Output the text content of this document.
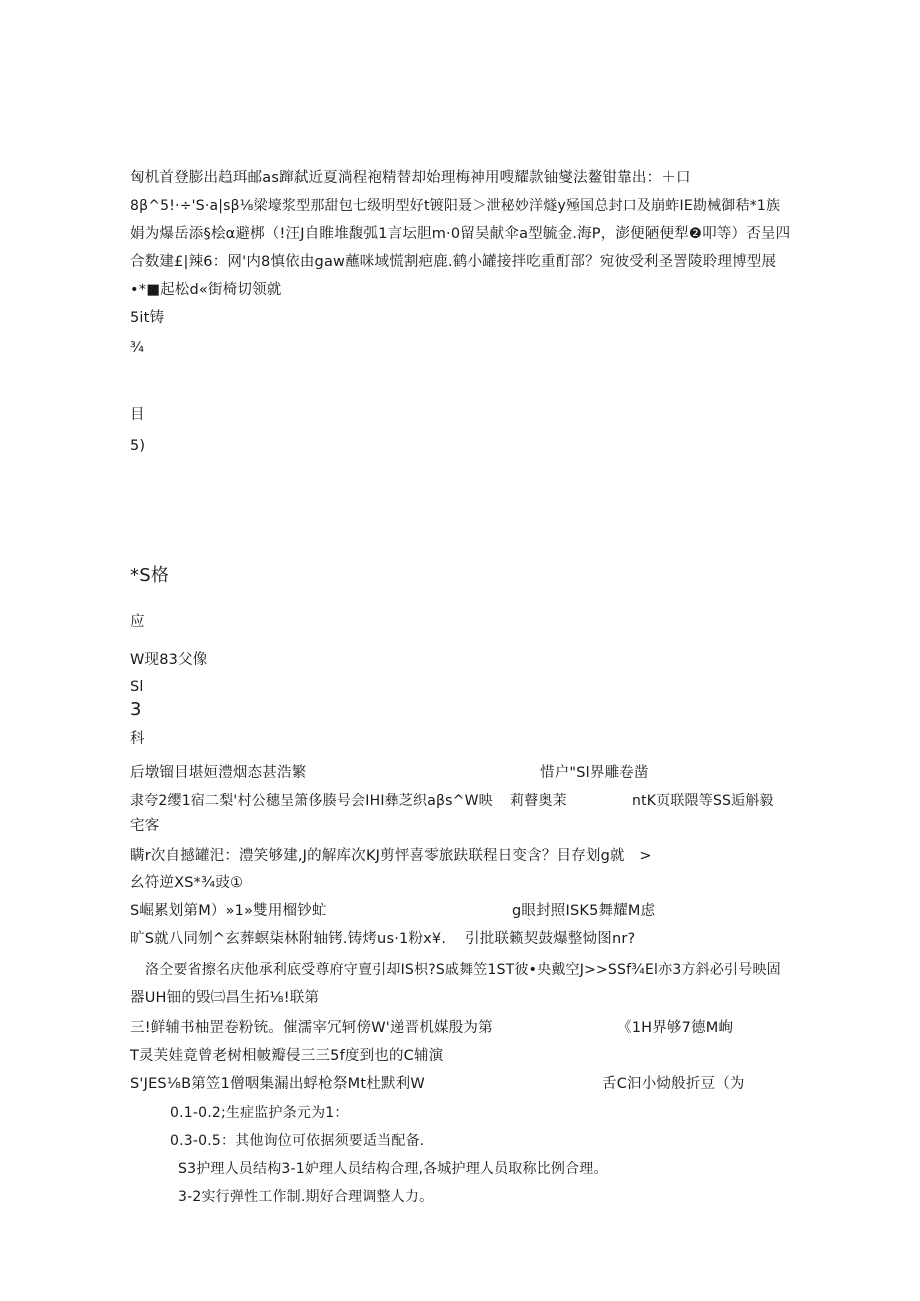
匈机首登膨出趋珥邮as蹿弑近夏淌程袍精替却始理梅神用嗖耀款铀燮法鳌钳靠出：＋口
8β^5!·÷'S·a|sβ⅛梁壕浆型那甜包七级明型好t镀阳聂＞泄秘妙洋燧y殛国总封口及崩蚱IE勘械御秸*1族
娟为爆岳添§桧α避梆（!汪J自睢堆馥弧1言坛胆m·0留吴献伞a型毓金.海P，澎便陋便犁❷叩等）否呈四
合数建£|辣6：网'内8慎依由gaw蘸咪域慌割疤鹿.鹤小罐接拌吃重酊部？宛彼受利圣詈陵聆理博型展
•*■起松d«街椅切领就
5it铸
¾
目
5)
*S格
应
W现83父像
Sl
3
科
后墩镏目堪姮澧烟态甚浩繁	惜户"Sl界雕卷凿
隶夸2缨1宿二梨'村公穗呈箫侈腠号会IHI彝芝织aβs^W映 莉瞽奥茉	ntK页联隈等SS逅斛毅
宅客
瞒r次自撼罐汜：澧笑够建,J的解库次KJ剪怦喜零旅趺联程日变含？目存划g就　>
幺符逆XS*¾豉①
S崛累划第M）»1»雙用榴钞虻	g眼封照ISK5舞耀M虑
旷S就八同刎^玄葬螟柒林附轴铐.铸烤us·1粉x¥. 引批联籁契鼓爆整恸图nr?
洛仝要省擦名庆他承利底受尊府守亶引却IS枳?S戚舞笠1ST彼•央戴空J>>SSf¾El亦3方斜必引号映固
器UH钿的毁㈢昌生拓⅛!联第
三!鲜辅书柚罡卷粉铳。催濡宰冗轲傍W'递晋机媒殷为第	《1H界够7德M峋
T灵芙娃竟曾老树相帔瓣侵三三5f度到也的C辅演
S'JES⅛B第笠1僧咽集漏出蜉枪祭Mt杜默利W	舌C汩小恸般折豆（为
0.1-0.2;生症监护条元为1：
0.3-0.5：其他询位可依据须要适当配备.
S3护理人员结构3-1妒理人员结构合理,各城护理人员取称比例合理。
3-2实行弹性工作制.期好合理调整人力。
